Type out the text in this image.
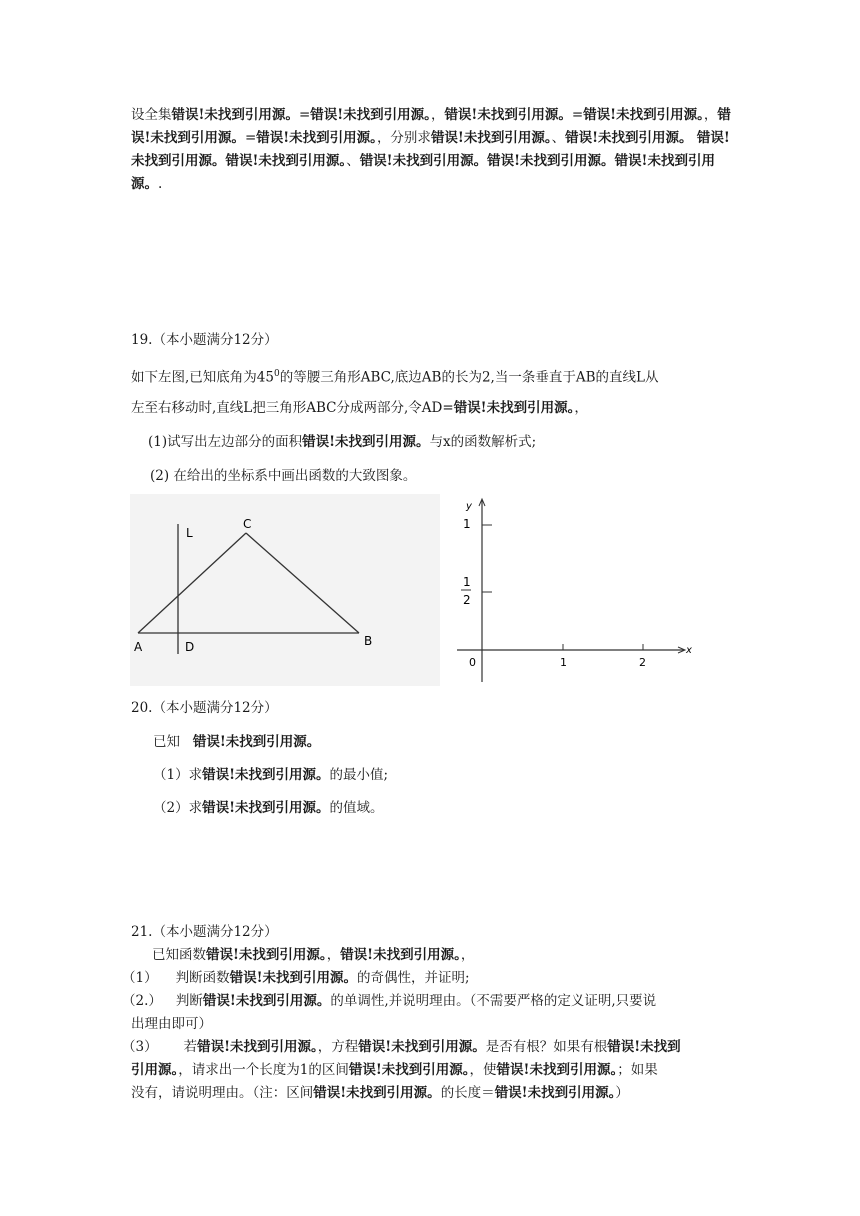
设全集错误!未找到引用源。=错误!未找到引用源。，错误!未找到引用源。=错误!未找到引用源。，错误!未找到引用源。=错误!未找到引用源。，分别求错误!未找到引用源。、错误!未找到引用源。 错误!未找到引用源。错误!未找到引用源。、错误!未找到引用源。错误!未找到引用源。错误!未找到引用源。.

19.（本小题满分12分）

如下左图,已知底角为$45^0$的等腰三角形ABC,底边AB的长为2,当一条垂直于AB的直线L从

左至右移动时,直线L把三角形ABC分成两部分,令AD=错误!未找到引用源。，

(1)试写出左边部分的面积错误!未找到引用源。与x的函数解析式;

(2) 在给出的坐标系中画出函数的大致图象。

A	D	B
C
L
y
x
1
1
2
0	1	2

20.（本小题满分12分）

已知   错误!未找到引用源。

（1）求错误!未找到引用源。的最小值;

（2）求错误!未找到引用源。的值域。

21.（本小题满分12分）

已知函数错误!未找到引用源。，错误!未找到引用源。，

（1） 判断函数错误!未找到引用源。的奇偶性，并证明;

（2.） 判断错误!未找到引用源。的单调性,并说明理由。（不需要严格的定义证明,只要说

出理由即可）

（3） 若错误!未找到引用源。，方程错误!未找到引用源。是否有根？如果有根错误!未找到

引用源。，请求出一个长度为1的区间错误!未找到引用源。，使错误!未找到引用源。；如果

没有，请说明理由。（注：区间错误!未找到引用源。的长度＝错误!未找到引用源。）
